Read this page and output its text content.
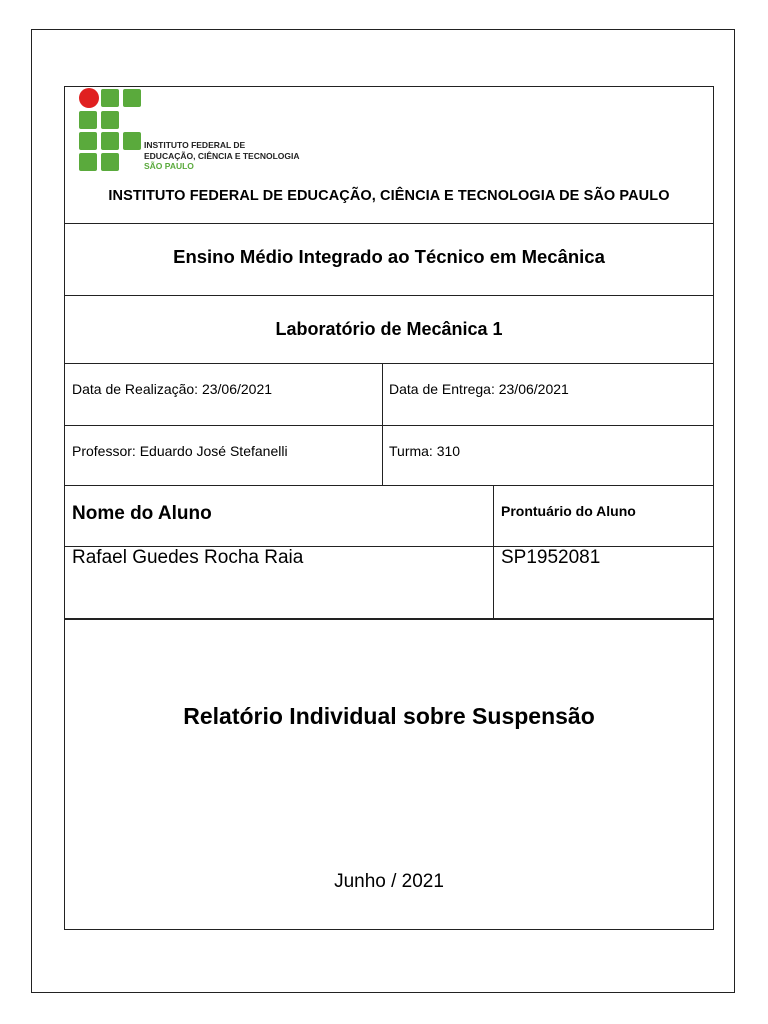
INSTITUTO FEDERAL DE
EDUCAÇÃO, CIÊNCIA E TECNOLOGIA
SÃO PAULO
INSTITUTO FEDERAL DE EDUCAÇÃO, CIÊNCIA E TECNOLOGIA DE SÃO PAULO
Ensino Médio Integrado ao Técnico em Mecânica
Laboratório de Mecânica 1
Data de Realização: 23/06/2021	Data de Entrega: 23/06/2021
Professor: Eduardo José Stefanelli	Turma: 310
Nome do Aluno	Prontuário do Aluno
Rafael Guedes Rocha Raia	SP1952081
Relatório Individual sobre Suspensão
Junho / 2021
